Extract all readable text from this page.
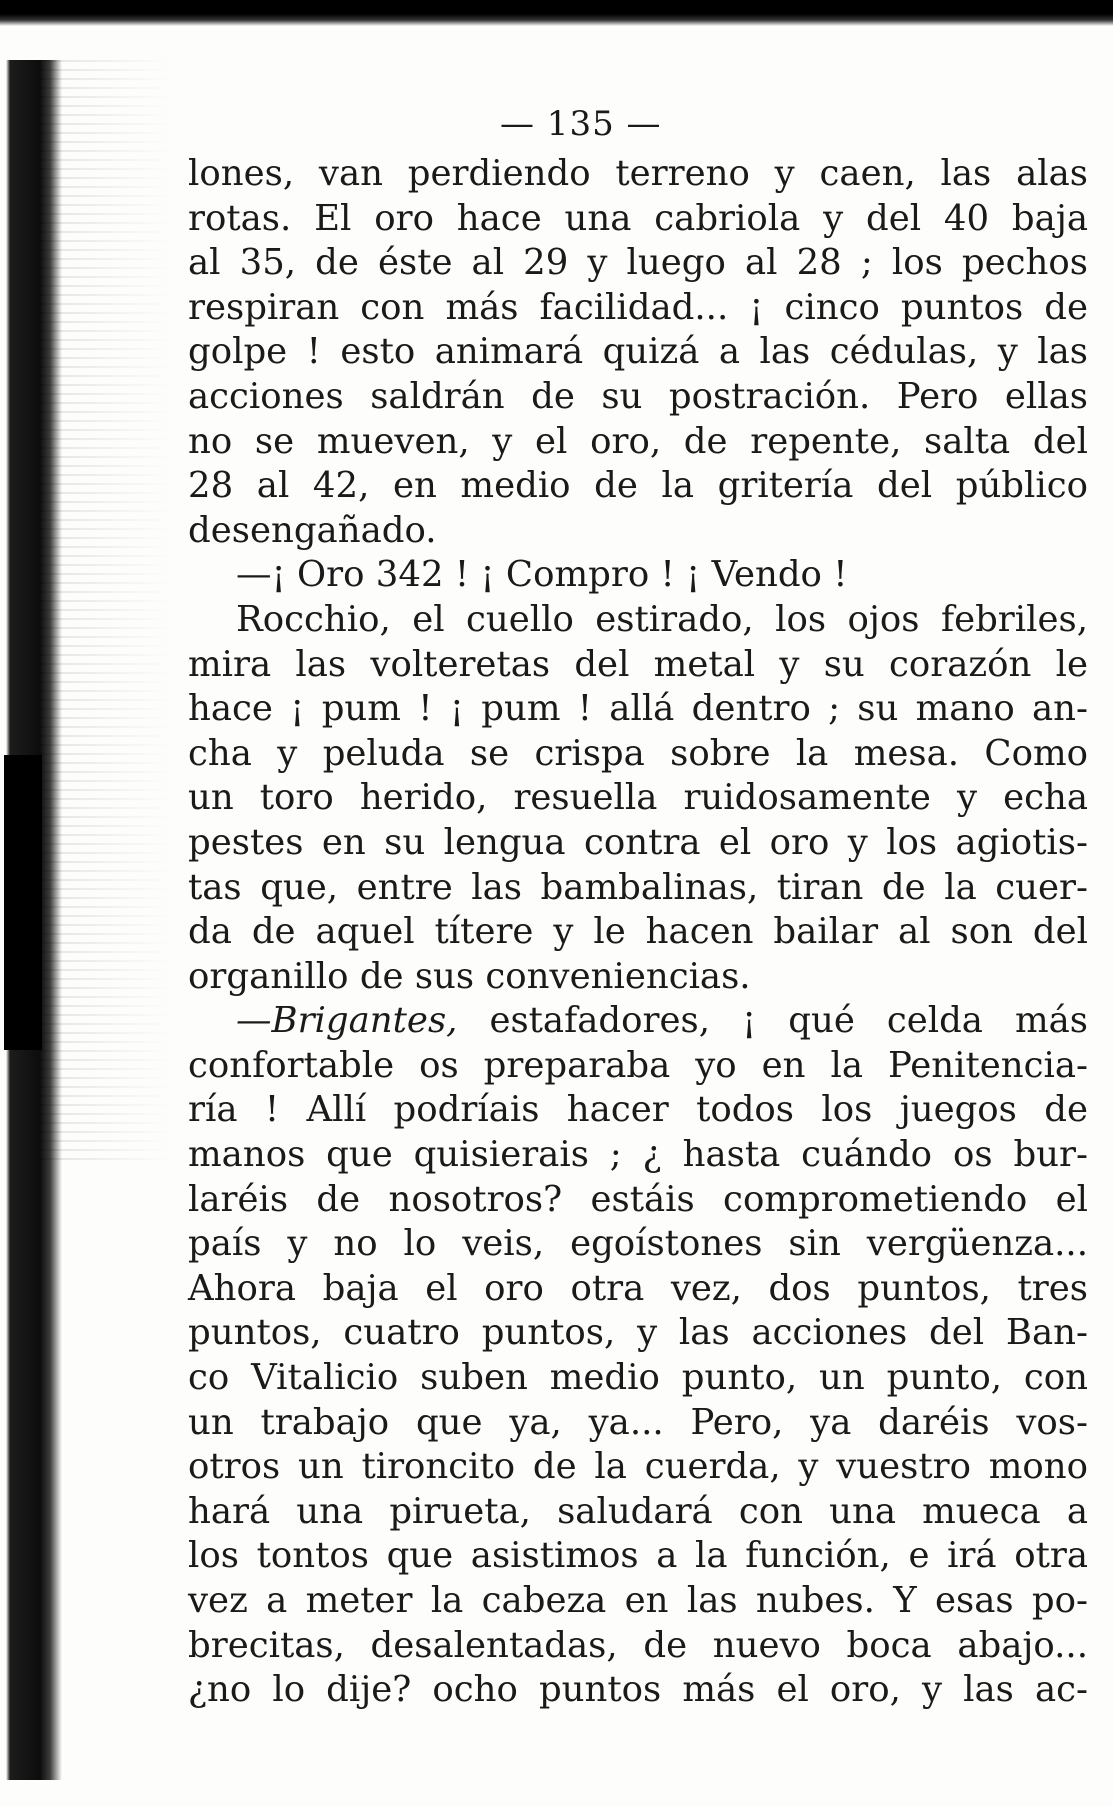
— 135 —
lones, van perdiendo terreno y caen, las alas
rotas. El oro hace una cabriola y del 40 baja
al 35, de éste al 29 y luego al 28 ; los pechos
respiran con más facilidad... ¡ cinco puntos de
golpe ! esto animará quizá a las cédulas, y las
acciones saldrán de su postración. Pero ellas
no se mueven, y el oro, de repente, salta del
28 al 42, en medio de la gritería del público
desengañado.
—¡ Oro 342 ! ¡ Compro ! ¡ Vendo !
Rocchio, el cuello estirado, los ojos febriles,
mira las volteretas del metal y su corazón le
hace ¡ pum ! ¡ pum ! allá dentro ; su mano an-
cha y peluda se crispa sobre la mesa. Como
un toro herido, resuella ruidosamente y echa
pestes en su lengua contra el oro y los agiotis-
tas que, entre las bambalinas, tiran de la cuer-
da de aquel títere y le hacen bailar al son del
organillo de sus conveniencias.
—Brigantes, estafadores, ¡ qué celda más
confortable os preparaba yo en la Penitencia-
ría ! Allí podríais hacer todos los juegos de
manos que quisierais ; ¿ hasta cuándo os bur-
laréis de nosotros? estáis comprometiendo el
país y no lo veis, egoístones sin vergüenza...
Ahora baja el oro otra vez, dos puntos, tres
puntos, cuatro puntos, y las acciones del Ban-
co Vitalicio suben medio punto, un punto, con
un trabajo que ya, ya... Pero, ya daréis vos-
otros un tironcito de la cuerda, y vuestro mono
hará una pirueta, saludará con una mueca a
los tontos que asistimos a la función, e irá otra
vez a meter la cabeza en las nubes. Y esas po-
brecitas, desalentadas, de nuevo boca abajo...
¿no lo dije? ocho puntos más el oro, y las ac-
